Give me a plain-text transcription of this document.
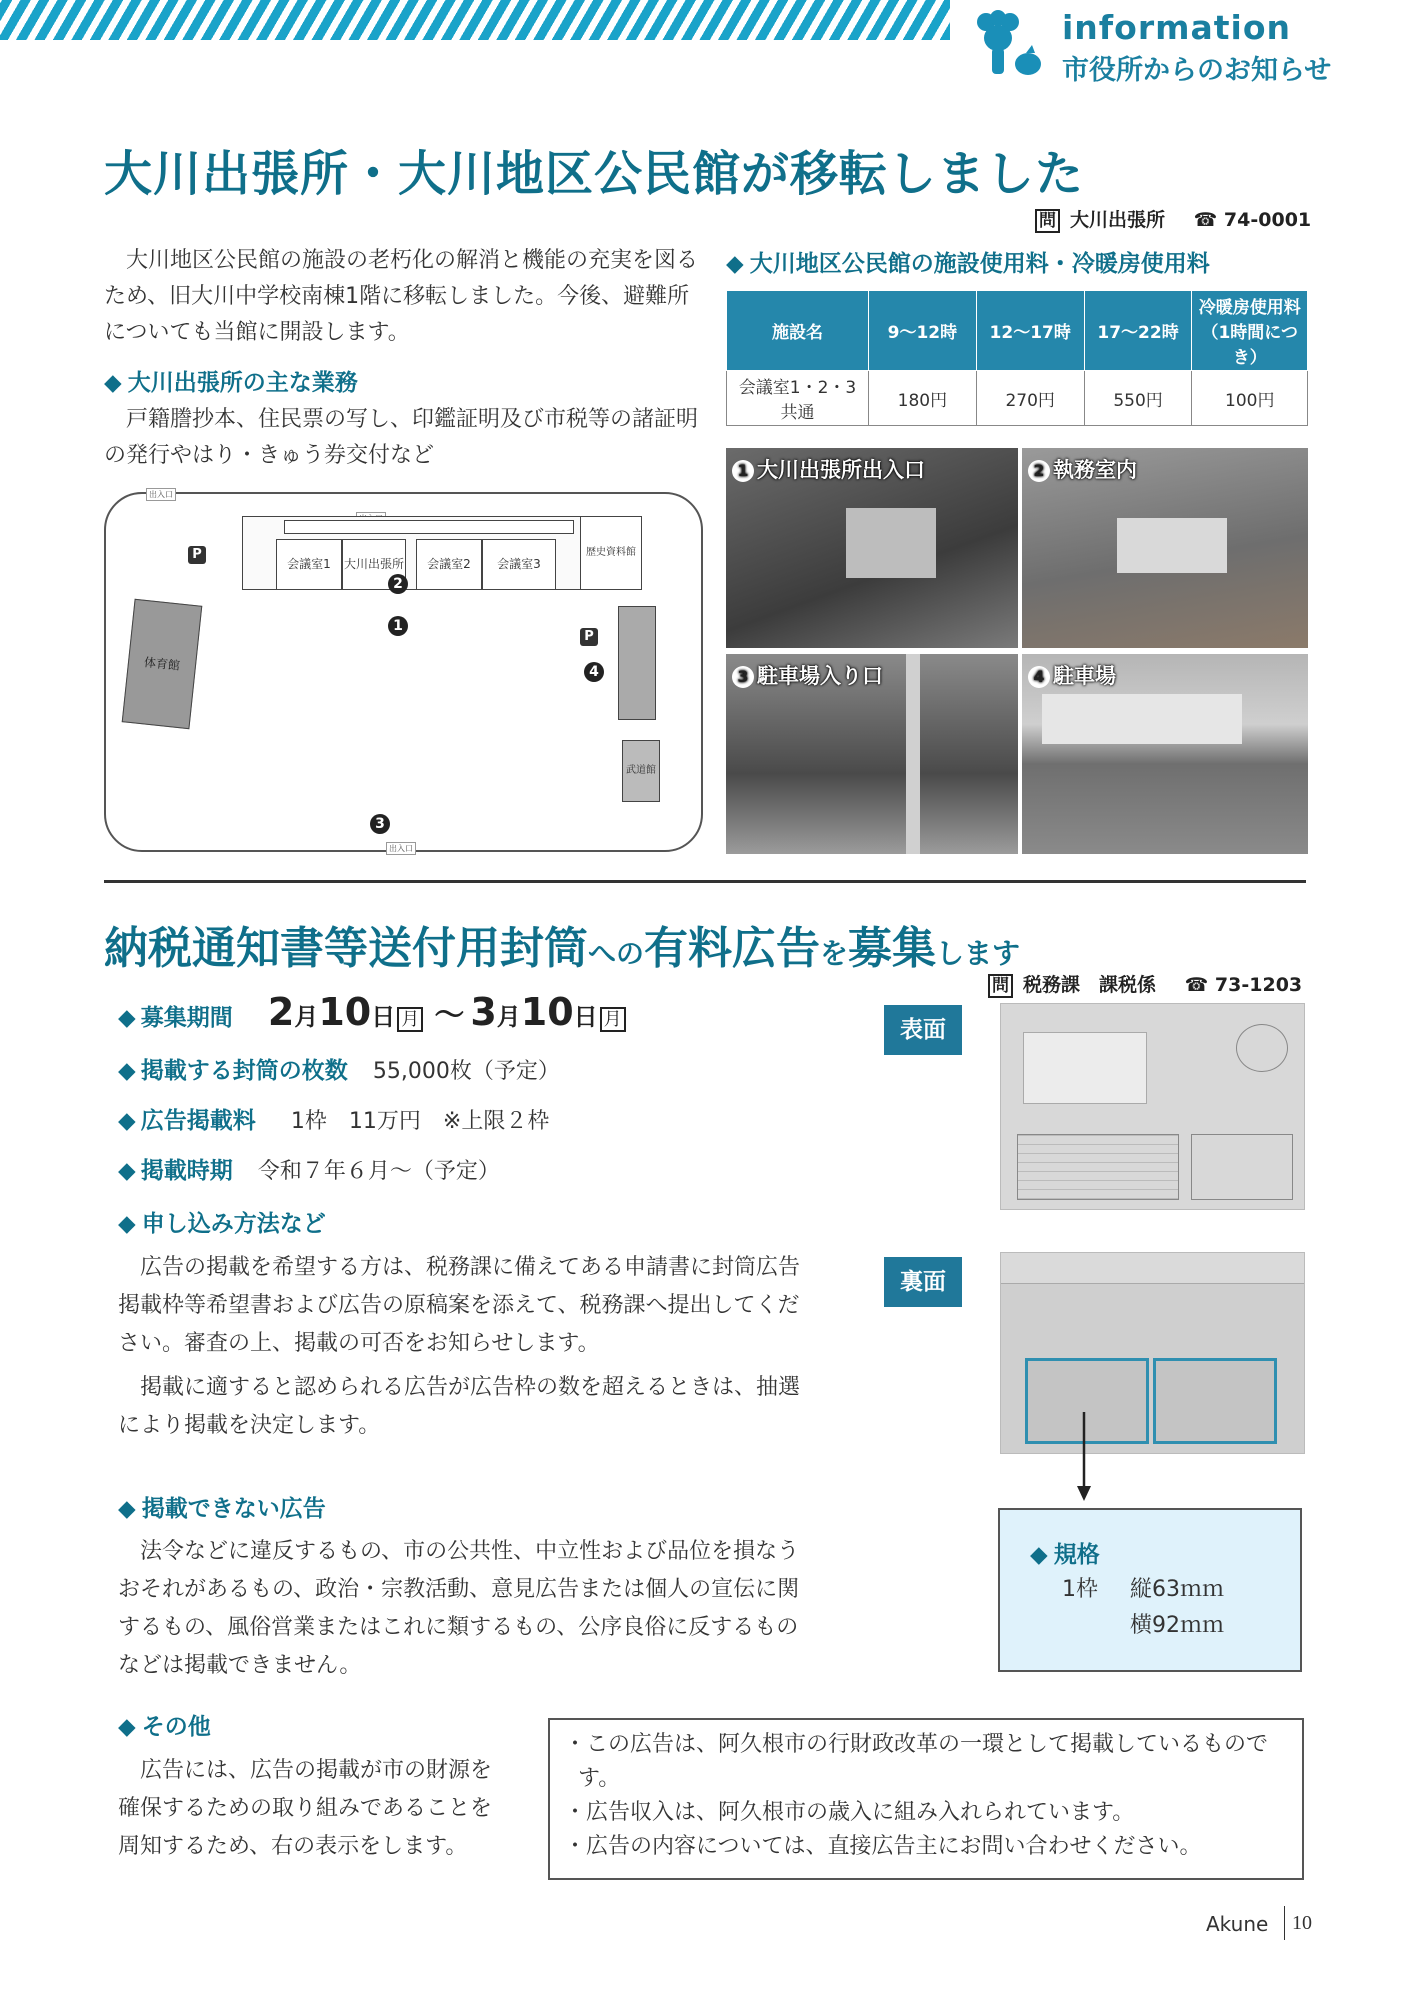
information
市役所からのお知らせ
大川出張所・大川地区公民館が移転しました
問 大川出張所 ☎ 74-0001
　大川地区公民館の施設の老朽化の解消と機能の充実を図るため、旧大川中学校南棟1階に移転しました。今後、避難所についても当館に開設します。
◆ 大川出張所の主な業務
　戸籍謄抄本、住民票の写し、印鑑証明及び市税等の諸証明の発行やはり・きゅう券交付など
出入口
出入口
P
P
会議室1	大川出張所	会議室2	会議室3
歴史資料館
体育館
武道館
1
2
3
4
◆ 大川地区公民館の施設使用料・冷暖房使用料
施設名	9～12時	12～17時	17～22時	冷暖房使用料（1時間につき）
会議室1・2・3共通	180円	270円	550円	100円
1 大川出張所出入口	2 執務室内
3 駐車場入り口	4 駐車場
納税通知書等送付用封筒への有料広告を募集します
問 税務課　課税係 ☎ 73-1203
◆ 募集期間 2月10日 月 ～ 3月10日 月
◆ 掲載する封筒の枚数 55,000枚（予定）
◆ 広告掲載料 1枠　11万円　※上限２枠
◆ 掲載時期 令和７年６月～（予定）
◆ 申し込み方法など
　広告の掲載を希望する方は、税務課に備えてある申請書に封筒広告掲載枠等希望書および広告の原稿案を添えて、税務課へ提出してください。審査の上、掲載の可否をお知らせします。
　掲載に適すると認められる広告が広告枠の数を超えるときは、抽選により掲載を決定します。
◆ 掲載できない広告
　法令などに違反するもの、市の公共性、中立性および品位を損なうおそれがあるもの、政治・宗教活動、意見広告または個人の宣伝に関するもの、風俗営業またはこれに類するもの、公序良俗に反するものなどは掲載できません。
◆ その他
　広告には、広告の掲載が市の財源を確保するための取り組みであることを周知するため、右の表示をします。
・この広告は、阿久根市の行財政改革の一環として掲載しているものです。
・広告収入は、阿久根市の歳入に組み入れられています。
・広告の内容については、直接広告主にお問い合わせください。
表面
裏面
◆ 規格
1枠 縦63ｍｍ
横92ｍｍ
Akune 10
